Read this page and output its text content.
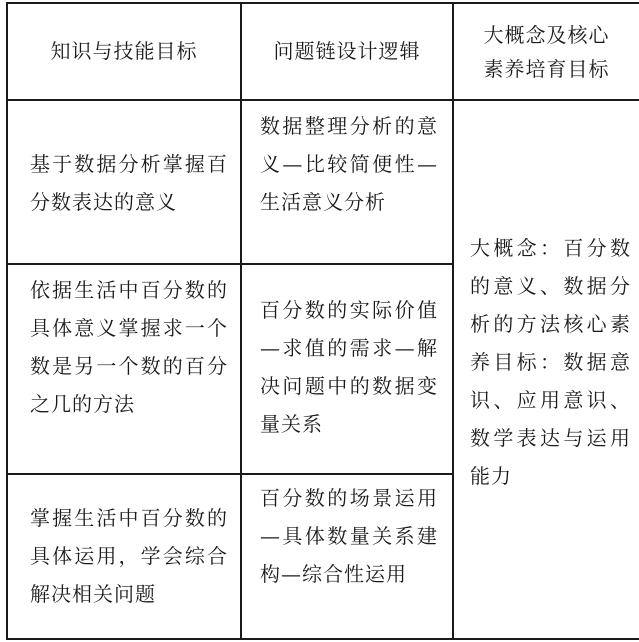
知识与技能目标	问题链设计逻辑
大概念及核心素养培育目标
基于数据分析掌握百分数表达的意义
数据整理分析的意义—比较简便性—生活意义分析
依据生活中百分数的具体意义掌握求一个数是另一个数的百分之几的方法
百分数的实际价值—求值的需求—解决问题中的数据变量关系
掌握生活中百分数的具体运用，学会综合解决相关问题
百分数的场景运用—具体数量关系建构—综合性运用
大概念：百分数的意义、数据分析的方法核心素养目标：数据意识、应用意识、数学表达与运用能力
